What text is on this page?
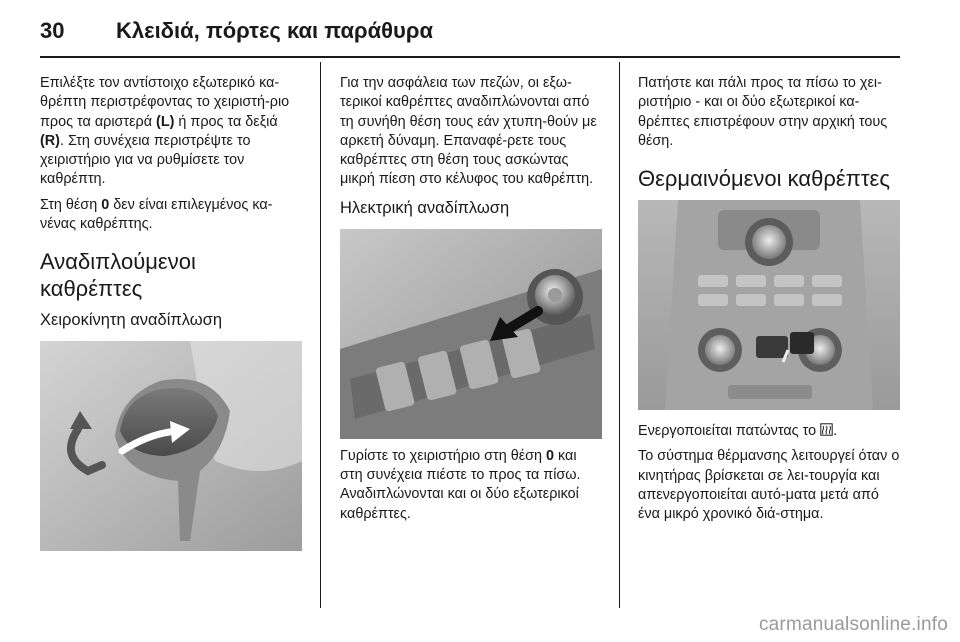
30 Κλειδιά, πόρτες και παράθυρα

Επιλέξτε τον αντίστοιχο εξωτερικό κα-θρέπτη περιστρέφοντας το χειριστή-ριο προς τα αριστερά (L) ή προς τα δεξιά (R). Στη συνέχεια περιστρέψτε το χειριστήριο για να ρυθμίσετε τον καθρέπτη.

Στη θέση 0 δεν είναι επιλεγμένος κα-νένας καθρέπτης.

Αναδιπλούμενοι καθρέπτες
Χειροκίνητη αναδίπλωση

Για την ασφάλεια των πεζών, οι εξω-τερικοί καθρέπτες αναδιπλώνονται από τη συνήθη θέση τους εάν χτυπη-θούν με αρκετή δύναμη. Επαναφέ-ρετε τους καθρέπτες στη θέση τους ασκώντας μικρή πίεση στο κέλυφος του καθρέπτη.

Ηλεκτρική αναδίπλωση

Γυρίστε το χειριστήριο στη θέση 0 και στη συνέχεια πιέστε το προς τα πίσω. Αναδιπλώνονται και οι δύο εξωτερικοί καθρέπτες.

Πατήστε και πάλι προς τα πίσω το χει-ριστήριο - και οι δύο εξωτερικοί κα-θρέπτες επιστρέφουν στην αρχική τους θέση.

Θερμαινόμενοι καθρέπτες

Ενεργοποιείται πατώντας το .

Το σύστημα θέρμανσης λειτουργεί όταν ο κινητήρας βρίσκεται σε λει-τουργία και απενεργοποιείται αυτό-ματα μετά από ένα μικρό χρονικό διά-στημα.

carmanualsonline.info
